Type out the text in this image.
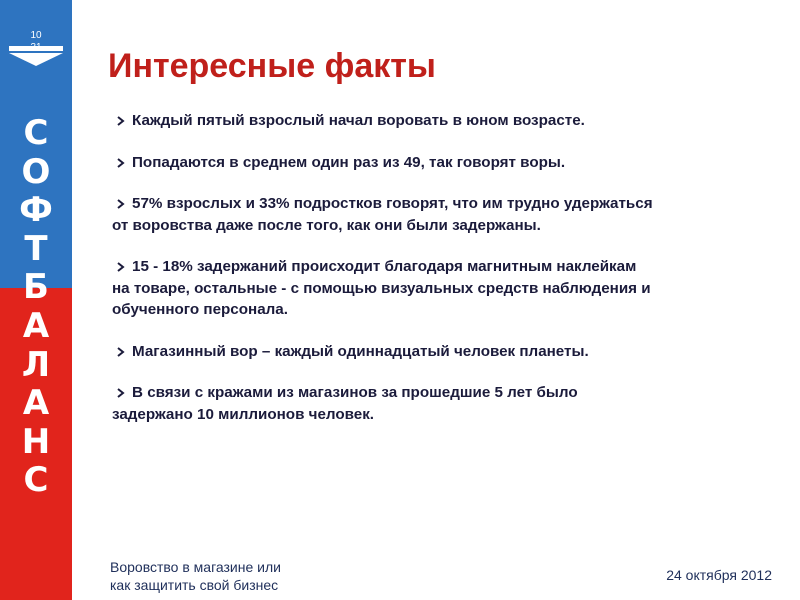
10
С
О
Ф
Т
Б
А
Л
А
Н
С
Интересные факты
Каждый пятый взрослый начал воровать в юном возрасте.
Попадаются в среднем один раз из 49, так говорят воры.
57% взрослых и 33% подростков говорят, что им трудно удержаться
от воровства даже после того, как они были задержаны.
15 - 18% задержаний происходит благодаря магнитным наклейкам
на товаре, остальные - с помощью визуальных средств наблюдения и
обученного персонала.
Магазинный вор – каждый одиннадцатый человек планеты.
В связи с кражами из магазинов за прошедшие 5 лет было
задержано 10 миллионов человек.
Воровство в магазине или
как защитить свой бизнес
24 октября 2012
